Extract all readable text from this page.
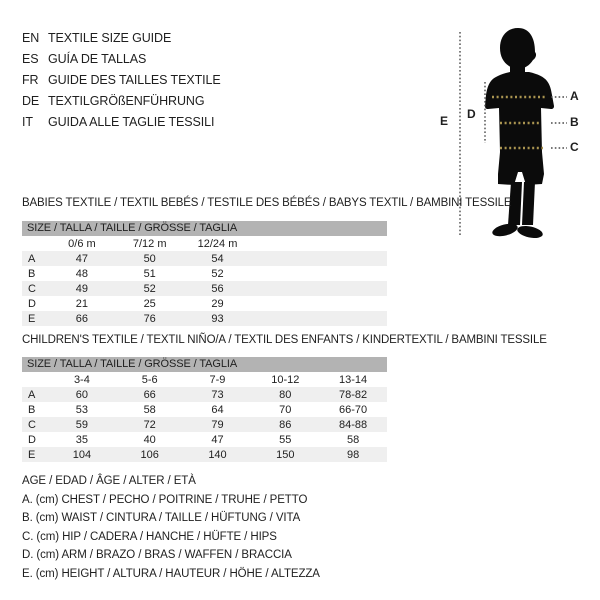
EN TEXTILE SIZE GUIDE
ES GUÍA DE TALLAS
FR GUIDE DES TAILLES TEXTILE
DE TEXTILGRÖßENFÜHRUNG
IT GUIDA ALLE TAGLIE TESSILI
A
B
C
D
E
BABIES TEXTILE / TEXTIL BEBÉS / TESTILE DES BÉBÉS / BABYS TEXTIL / BAMBINI TESSILE
SIZE / TALLA / TAILLE / GRÖSSE / TAGLIA
	0/6 m	7/12 m	12/24 m		
A	47	50	54		
B	48	51	52		
C	49	52	56		
D	21	25	29		
E	66	76	93		
CHILDREN'S TEXTILE / TEXTIL NIÑO/A / TEXTIL DES ENFANTS / KINDERTEXTIL / BAMBINI TESSILE
SIZE / TALLA / TAILLE / GRÖSSE / TAGLIA
	3-4	5-6	7-9	10-12	13-14
A	60	66	73	80	78-82
B	53	58	64	70	66-70
C	59	72	79	86	84-88
D	35	40	47	55	58
E	104	106	140	150	98
AGE / EDAD / ÂGE / ALTER / ETÀ
A. (cm) CHEST / PECHO / POITRINE / TRUHE / PETTO
B. (cm) WAIST / CINTURA / TAILLE / HÜFTUNG / VITA
C. (cm) HIP / CADERA / HANCHE / HÜFTE / HIPS
D. (cm) ARM / BRAZO / BRAS / WAFFEN / BRACCIA
E. (cm) HEIGHT / ALTURA / HAUTEUR / HÖHE / ALTEZZA
